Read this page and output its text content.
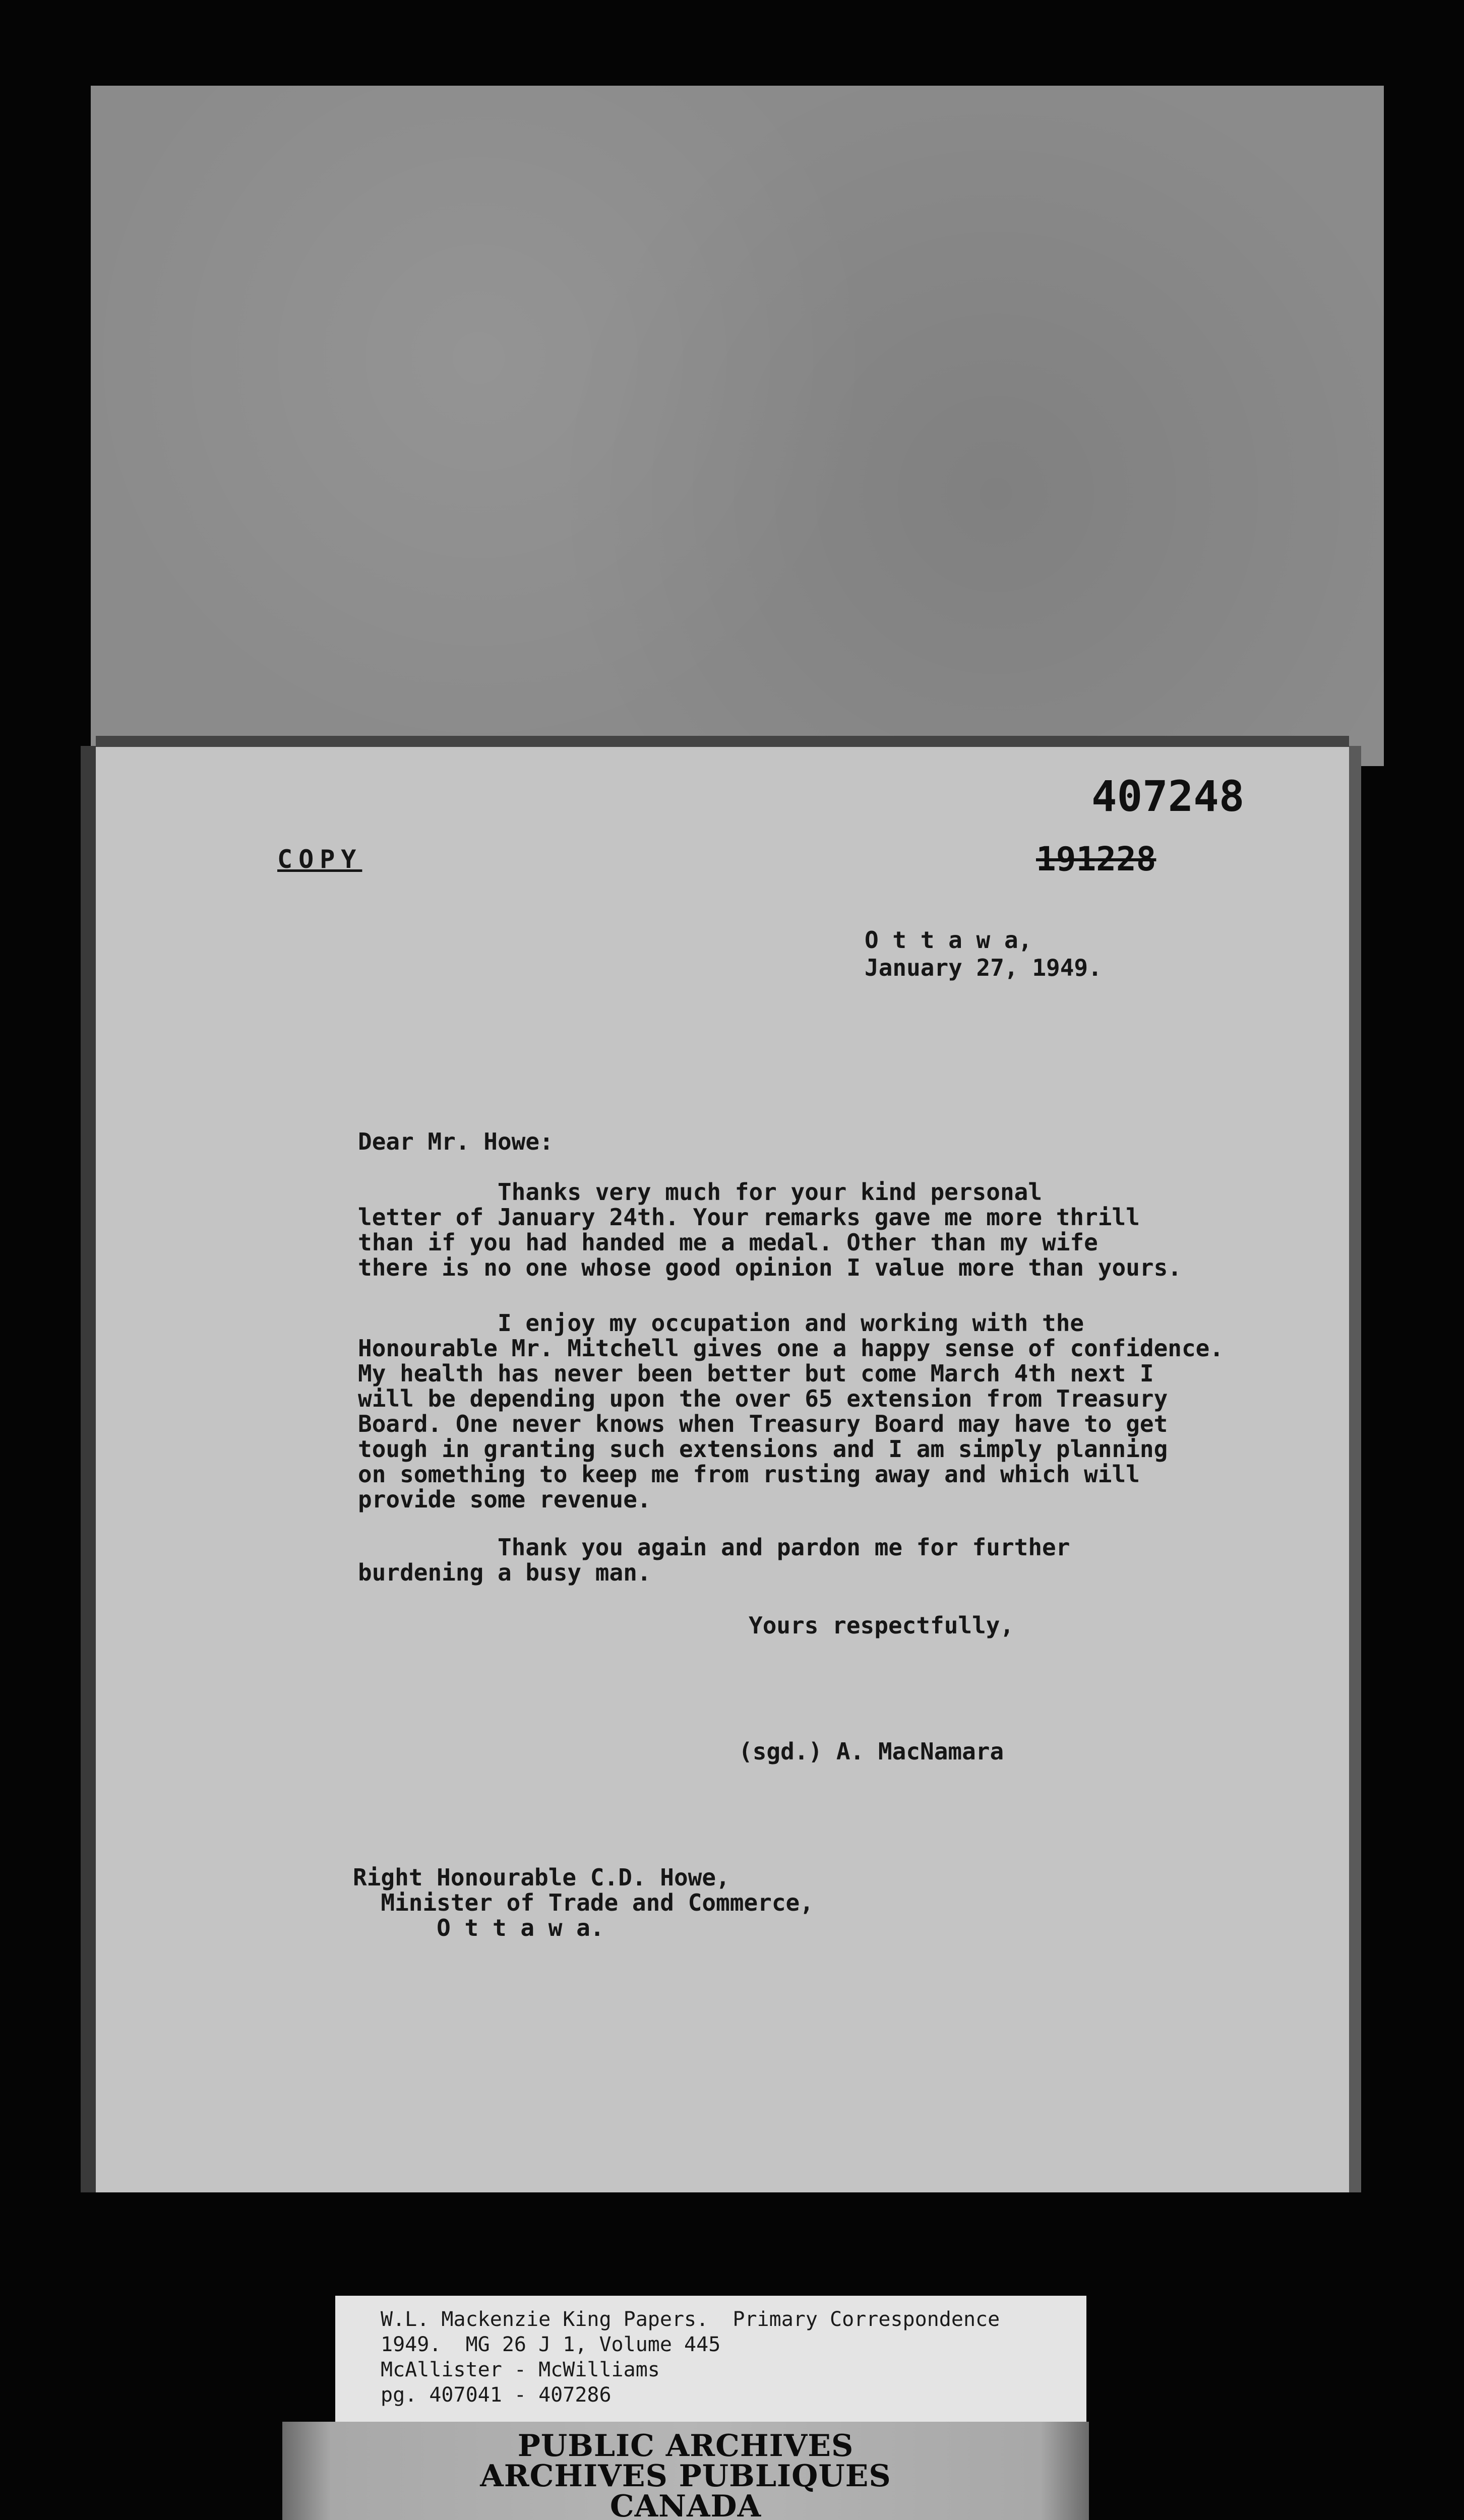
407248
191228
COPY
O t t a w a,
January 27, 1949.
Dear Mr. Howe:
Thanks very much for your kind personal
letter of January 24th. Your remarks gave me more thrill
than if you had handed me a medal. Other than my wife
there is no one whose good opinion I value more than yours.
I enjoy my occupation and working with the
Honourable Mr. Mitchell gives one a happy sense of confidence.
My health has never been better but come March 4th next I
will be depending upon the over 65 extension from Treasury
Board. One never knows when Treasury Board may have to get
tough in granting such extensions and I am simply planning
on something to keep me from rusting away and which will
provide some revenue.
Thank you again and pardon me for further
burdening a busy man.
Yours respectfully,
(sgd.) A. MacNamara
Right Honourable C.D. Howe,
Minister of Trade and Commerce,
O t t a w a.
W.L. Mackenzie King Papers.  Primary Correspondence
1949.  MG 26 J 1, Volume 445
McAllister - McWilliams
pg. 407041 - 407286
PUBLIC ARCHIVES
ARCHIVES PUBLIQUES
CANADA
